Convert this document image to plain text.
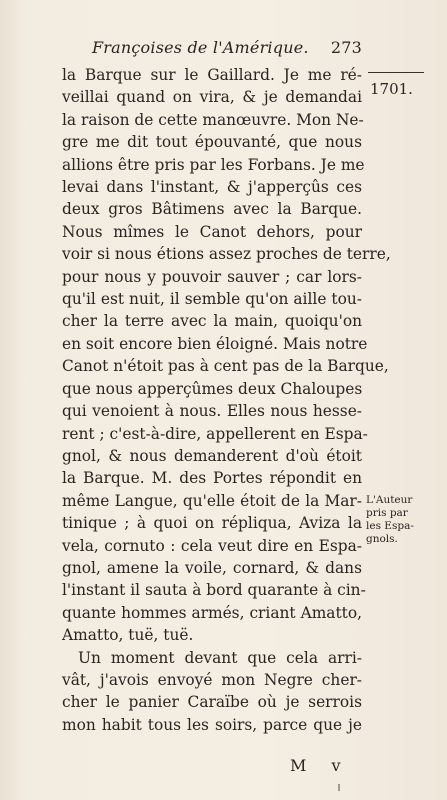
Françoises de l'Amérique. 273
1701.
la Barque sur le Gaillard. Je me ré-
veillai quand on vira, & je demandai
la raison de cette manœuvre. Mon Ne-
gre me dit tout épouvanté, que nous
allions être pris par les Forbans. Je me
levai dans l'instant, & j'apperçûs ces
deux gros Bâtimens avec la Barque.
Nous mîmes le Canot dehors, pour
voir si nous étions assez proches de terre,
pour nous y pouvoir sauver ; car lors-
qu'il est nuit, il semble qu'on aille tou-
cher la terre avec la main, quoiqu'on
en soit encore bien éloigné. Mais notre
Canot n'étoit pas à cent pas de la Barque,
que nous apperçûmes deux Chaloupes
qui venoient à nous. Elles nous hesse-
rent ; c'est-à-dire, appellerent en Espa-
gnol, & nous demanderent d'où étoit
la Barque. M. des Portes répondit en
même Langue, qu'elle étoit de la Mar-
tinique ; à quoi on répliqua, Aviza la
vela, cornuto : cela veut dire en Espa-
gnol, amene la voile, cornard, & dans
l'instant il sauta à bord quarante à cin-
quante hommes armés, criant Amatto,
Amatto, tuë, tuë.
Un moment devant que cela arri-
vât, j'avois envoyé mon Negre cher-
cher le panier Caraïbe où je serrois
mon habit tous les soirs, parce que je
L'Auteur
pris par
les Espa-
gnols.
M v
